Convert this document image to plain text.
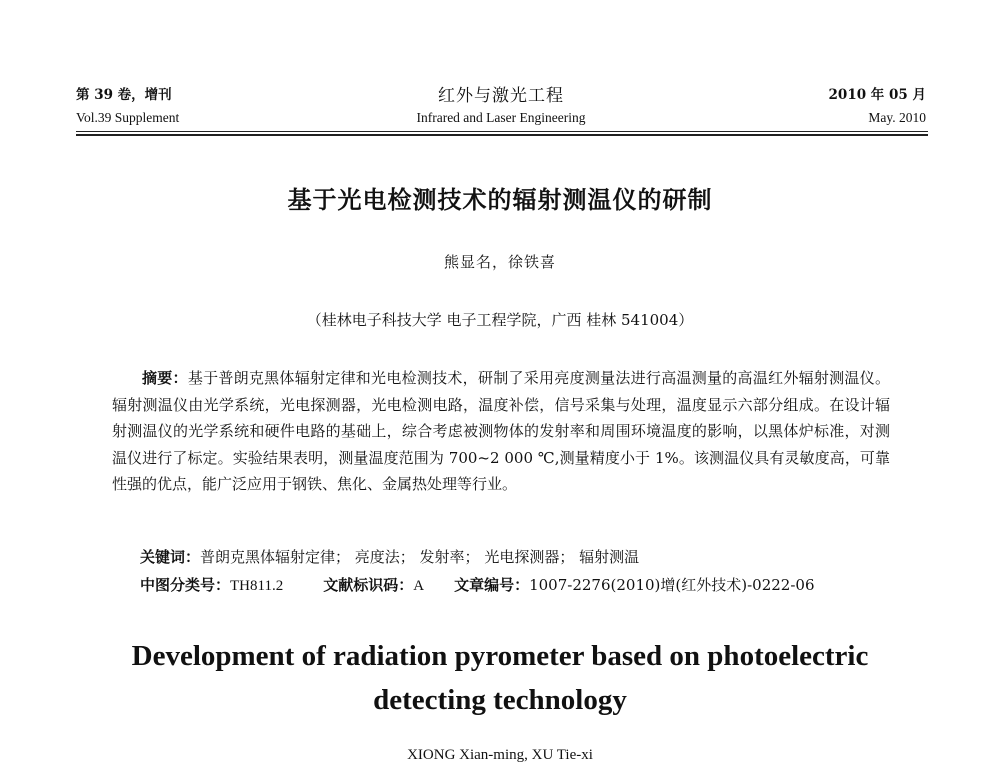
第 39 卷，增刊
Vol.39 Supplement
红外与激光工程
Infrared and Laser Engineering
2010 年 05 月
May. 2010
基于光电检测技术的辐射测温仪的研制
熊显名，徐铁喜
（桂林电子科技大学 电子工程学院，广西 桂林 541004）
摘要：基于普朗克黑体辐射定律和光电检测技术，研制了采用亮度测量法进行高温测量的高温红外辐射测温仪。辐射测温仪由光学系统，光电探测器，光电检测电路，温度补偿，信号采集与处理，温度显示六部分组成。在设计辐射测温仪的光学系统和硬件电路的基础上，综合考虑被测物体的发射率和周围环境温度的影响，以黑体炉标准，对测温仪进行了标定。实验结果表明，测量温度范围为 700~2 000 ℃,测量精度小于 1%。该测温仪具有灵敏度高，可靠性强的优点，能广泛应用于钢铁、焦化、金属热处理等行业。
关键词：普朗克黑体辐射定律； 亮度法； 发射率； 光电探测器； 辐射测温
中图分类号：TH811.2	文献标识码：A 文章编号：1007-2276(2010)增(红外技术)-0222-06
Development of radiation pyrometer based on photoelectric
detecting technology
XIONG Xian-ming, XU Tie-xi
